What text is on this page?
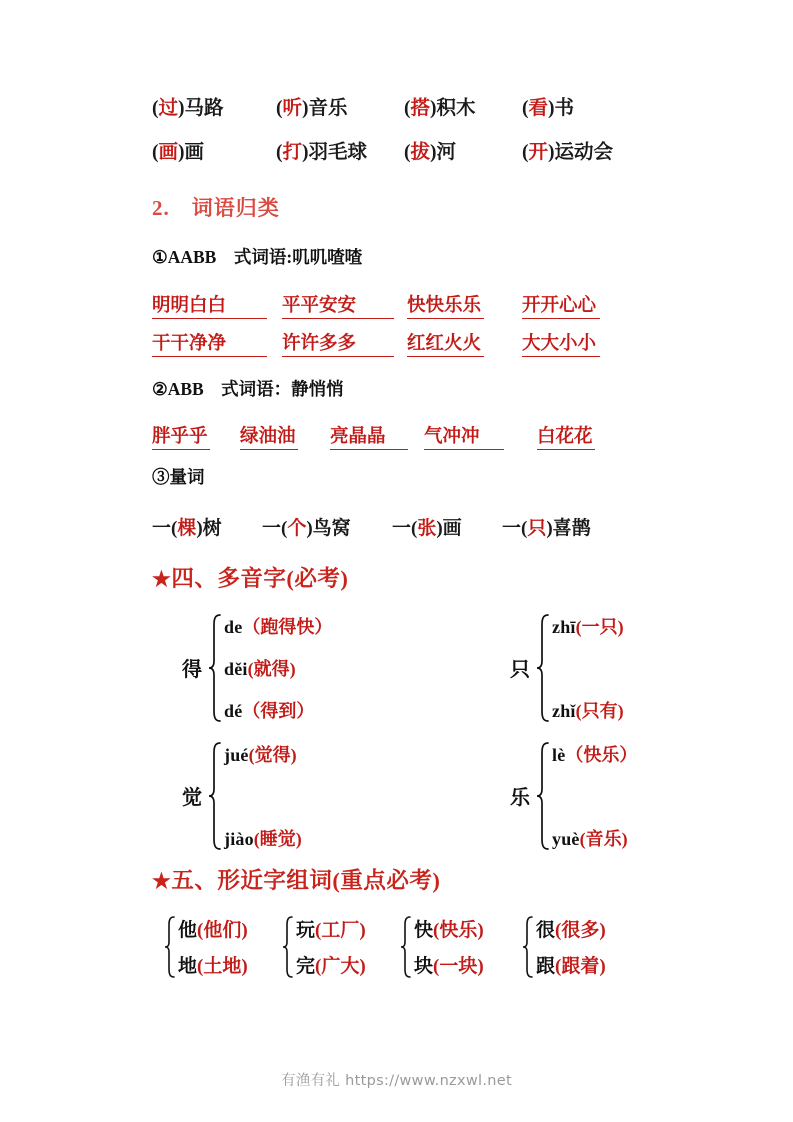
(过)马路	(听)音乐	(搭)积木 (看)书
(画)画	(打)羽毛球 (拔)河	(开)运动会
2.　词语归类
①AABB　式词语:叽叽喳喳
明明白白	平平安安	快快乐乐 开开心心
干干净净	许许多多	红红火火 大大小小
②ABB　式词语：静悄悄
胖乎乎 绿油油 亮晶晶	气冲冲	白花花
③量词
一(棵)树 一(个)鸟窝 一(张)画 一(只)喜鹊
★四、多音字(必考)
得
de（跑得快）
děi(就得)
dé（得到）
只
zhī(一只)
zhǐ(只有)
觉
jué(觉得)
jiào(睡觉)
乐
lè（快乐）
yuè(音乐)
★五、形近字组词(重点必考)
他(他们)
地(土地)
玩(工厂)
完(广大)
快(快乐)
块(一块)
很(很多)
跟(跟着)
有渔有礼 https://www.nzxwl.net
